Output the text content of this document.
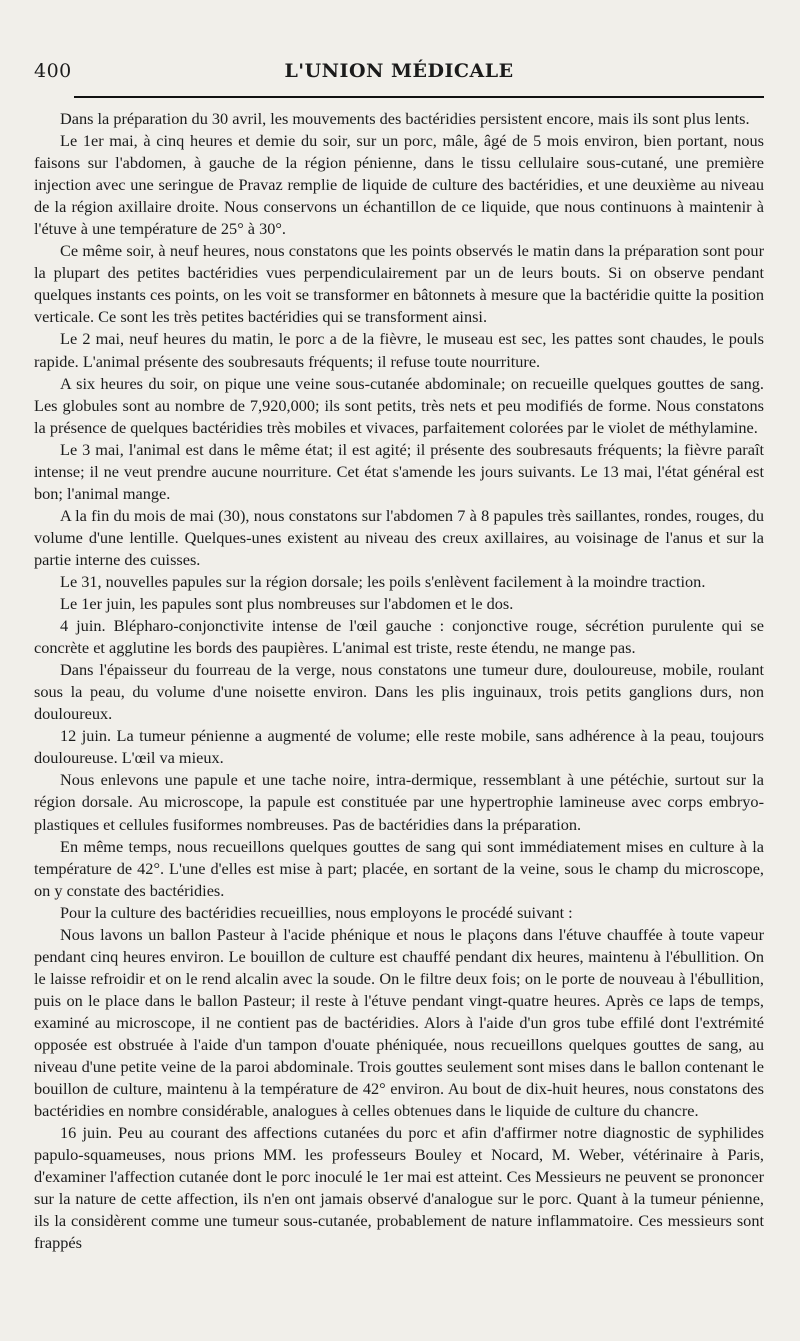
400	L'UNION MÉDICALE

Dans la préparation du 30 avril, les mouvements des bactéridies persistent encore, mais ils sont plus lents.

Le 1er mai, à cinq heures et demie du soir, sur un porc, mâle, âgé de 5 mois environ, bien portant, nous faisons sur l'abdomen, à gauche de la région pénienne, dans le tissu cellulaire sous-cutané, une première injection avec une seringue de Pravaz remplie de liquide de culture des bactéridies, et une deuxième au niveau de la région axillaire droite. Nous conservons un échantillon de ce liquide, que nous continuons à maintenir à l'étuve à une température de 25° à 30°.

Ce même soir, à neuf heures, nous constatons que les points observés le matin dans la préparation sont pour la plupart des petites bactéridies vues perpendiculairement par un de leurs bouts. Si on observe pendant quelques instants ces points, on les voit se transformer en bâtonnets à mesure que la bactéridie quitte la position verticale. Ce sont les très petites bactéridies qui se transforment ainsi.

Le 2 mai, neuf heures du matin, le porc a de la fièvre, le museau est sec, les pattes sont chaudes, le pouls rapide. L'animal présente des soubresauts fréquents; il refuse toute nourriture.

A six heures du soir, on pique une veine sous-cutanée abdominale; on recueille quelques gouttes de sang. Les globules sont au nombre de 7,920,000; ils sont petits, très nets et peu modifiés de forme. Nous constatons la présence de quelques bactéridies très mobiles et vivaces, parfaitement colorées par le violet de méthylamine.

Le 3 mai, l'animal est dans le même état; il est agité; il présente des soubresauts fréquents; la fièvre paraît intense; il ne veut prendre aucune nourriture. Cet état s'amende les jours suivants. Le 13 mai, l'état général est bon; l'animal mange.

A la fin du mois de mai (30), nous constatons sur l'abdomen 7 à 8 papules très saillantes, rondes, rouges, du volume d'une lentille. Quelques-unes existent au niveau des creux axillaires, au voisinage de l'anus et sur la partie interne des cuisses.

Le 31, nouvelles papules sur la région dorsale; les poils s'enlèvent facilement à la moindre traction.

Le 1er juin, les papules sont plus nombreuses sur l'abdomen et le dos.

4 juin. Blépharo-conjonctivite intense de l'œil gauche : conjonctive rouge, sécrétion purulente qui se concrète et agglutine les bords des paupières. L'animal est triste, reste étendu, ne mange pas.

Dans l'épaisseur du fourreau de la verge, nous constatons une tumeur dure, douloureuse, mobile, roulant sous la peau, du volume d'une noisette environ. Dans les plis inguinaux, trois petits ganglions durs, non douloureux.

12 juin. La tumeur pénienne a augmenté de volume; elle reste mobile, sans adhérence à la peau, toujours douloureuse. L'œil va mieux.

Nous enlevons une papule et une tache noire, intra-dermique, ressemblant à une pétéchie, surtout sur la région dorsale. Au microscope, la papule est constituée par une hypertrophie lamineuse avec corps embryo-plastiques et cellules fusiformes nombreuses. Pas de bactéridies dans la préparation.

En même temps, nous recueillons quelques gouttes de sang qui sont immédiatement mises en culture à la température de 42°. L'une d'elles est mise à part; placée, en sortant de la veine, sous le champ du microscope, on y constate des bactéridies.

Pour la culture des bactéridies recueillies, nous employons le procédé suivant :

Nous lavons un ballon Pasteur à l'acide phénique et nous le plaçons dans l'étuve chauffée à toute vapeur pendant cinq heures environ. Le bouillon de culture est chauffé pendant dix heures, maintenu à l'ébullition. On le laisse refroidir et on le rend alcalin avec la soude. On le filtre deux fois; on le porte de nouveau à l'ébullition, puis on le place dans le ballon Pasteur; il reste à l'étuve pendant vingt-quatre heures. Après ce laps de temps, examiné au microscope, il ne contient pas de bactéridies. Alors à l'aide d'un gros tube effilé dont l'extrémité opposée est obstruée à l'aide d'un tampon d'ouate phéniquée, nous recueillons quelques gouttes de sang, au niveau d'une petite veine de la paroi abdominale. Trois gouttes seulement sont mises dans le ballon contenant le bouillon de culture, maintenu à la température de 42° environ. Au bout de dix-huit heures, nous constatons des bactéridies en nombre considérable, analogues à celles obtenues dans le liquide de culture du chancre.

16 juin. Peu au courant des affections cutanées du porc et afin d'affirmer notre diagnostic de syphilides papulo-squameuses, nous prions MM. les professeurs Bouley et Nocard, M. Weber, vétérinaire à Paris, d'examiner l'affection cutanée dont le porc inoculé le 1er mai est atteint. Ces Messieurs ne peuvent se prononcer sur la nature de cette affection, ils n'en ont jamais observé d'analogue sur le porc. Quant à la tumeur pénienne, ils la considèrent comme une tumeur sous-cutanée, probablement de nature inflammatoire. Ces messieurs sont frappés
